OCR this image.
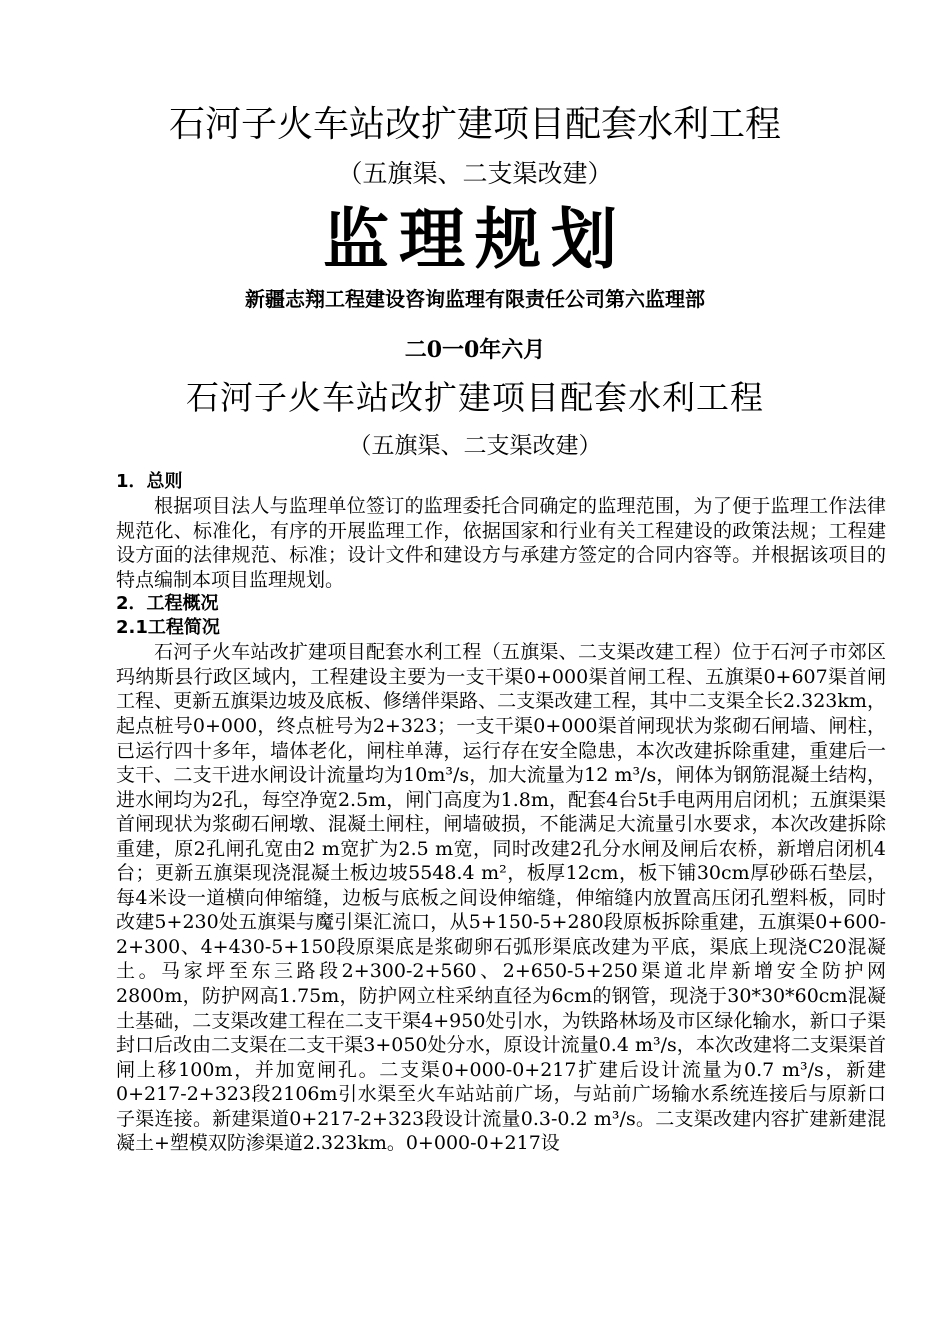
石河子火车站改扩建项目配套水利工程
（五旗渠、二支渠改建）
监理规划
新疆志翔工程建设咨询监理有限责任公司第六监理部
二0一0年六月
石河子火车站改扩建项目配套水利工程
（五旗渠、二支渠改建）

1．总则

根据项目法人与监理单位签订的监理委托合同确定的监理范围，为了便于监理工作法律规范化、标准化，有序的开展监理工作，依据国家和行业有关工程建设的政策法规；工程建设方面的法律规范、标准；设计文件和建设方与承建方签定的合同内容等。并根据该项目的特点编制本项目监理规划。

2．工程概况

2.1工程简况

石河子火车站改扩建项目配套水利工程（五旗渠、二支渠改建工程）位于石河子市郊区玛纳斯县行政区域内，工程建设主要为一支干渠0+000渠首闸工程、五旗渠0+607渠首闸工程、更新五旗渠边坡及底板、修缮伴渠路、二支渠改建工程，其中二支渠全长2.323km，起点桩号0+000，终点桩号为2+323；一支干渠0+000渠首闸现状为浆砌石闸墙、闸柱，已运行四十多年，墙体老化，闸柱单薄，运行存在安全隐患，本次改建拆除重建，重建后一支干、二支干进水闸设计流量均为10m³/s，加大流量为12 m³/s，闸体为钢筋混凝土结构，进水闸均为2孔，每空净宽2.5m，闸门高度为1.8m，配套4台5t手电两用启闭机；五旗渠渠首闸现状为浆砌石闸墩、混凝土闸柱，闸墙破损，不能满足大流量引水要求，本次改建拆除重建，原2孔闸孔宽由2 m宽扩为2.5 m宽，同时改建2孔分水闸及闸后农桥，新增启闭机4台；更新五旗渠现浇混凝土板边坡5548.4 m²，板厚12cm，板下铺30cm厚砂砾石垫层，每4米设一道横向伸缩缝，边板与底板之间设伸缩缝，伸缩缝内放置高压闭孔塑料板，同时改建5+230处五旗渠与魔引渠汇流口，从5+150-5+280段原板拆除重建，五旗渠0+600-2+300、4+430-5+150段原渠底是浆砌卵石弧形渠底改建为平底，渠底上现浇C20混凝土。马家坪至东三路段2+300-2+560、2+650-5+250渠道北岸新增安全防护网2800m，防护网高1.75m，防护网立柱采纳直径为6cm的钢管，现浇于30*30*60cm混凝土基础，二支渠改建工程在二支干渠4+950处引水，为铁路林场及市区绿化输水，新口子渠封口后改由二支渠在二支干渠3+050处分水，原设计流量0.4 m³/s，本次改建将二支渠渠首闸上移100m，并加宽闸孔。二支渠0+000-0+217扩建后设计流量为0.7 m³/s，新建0+217-2+323段2106m引水渠至火车站站前广场，与站前广场输水系统连接后与原新口子渠连接。新建渠道0+217-2+323段设计流量0.3-0.2 m³/s。二支渠改建内容扩建新建混凝土+塑模双防渗渠道2.323km。0+000-0+217设
